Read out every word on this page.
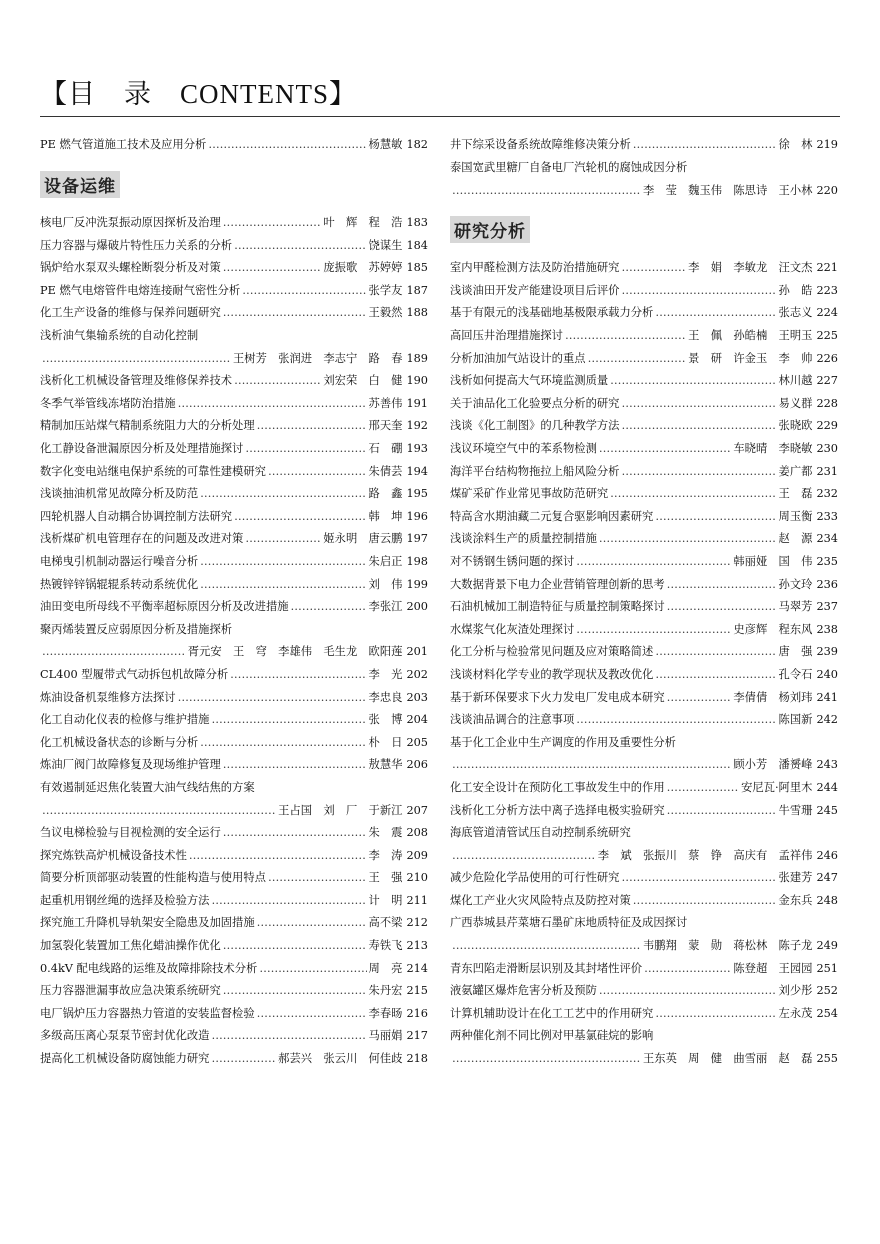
【目　录　CONTENTS】
PE 燃气管道施工技术及应用分析 ………………………………………………………………………………………………………………………………………………	杨慧敏 182
设备运维

核电厂反冲洗泵振动原因探析及治理 ………………………………………………………………………………………………………………………………………………	叶　辉　程　浩 183
压力容器与爆破片特性压力关系的分析 ………………………………………………………………………………………………………………………………………………	饶谋生 184
锅炉给水泵双头螺栓断裂分析及对策 ………………………………………………………………………………………………………………………………………………	庞振歌　苏婷婷 185
PE 燃气电熔管件电熔连接耐气密性分析 ………………………………………………………………………………………………………………………………………………	张学友 187
化工生产设备的维修与保养问题研究 ………………………………………………………………………………………………………………………………………………	王毅然 188
浅析油气集输系统的自动化控制
………………………………………………………………………………………………………………………………………………
王树芳　张润进　李志宁　路　春 189
浅析化工机械设备管理及维修保养技术 ………………………………………………………………………………………………………………………………………………	刘宏荣　白　健 190
冬季气举管线冻堵防治措施 ………………………………………………………………………………………………………………………………………………	苏善伟 191
精制加压站煤气精制系统阻力大的分析处理 ………………………………………………………………………………………………………………………………………………	邢天奎 192
化工静设备泄漏原因分析及处理措施探讨 ………………………………………………………………………………………………………………………………………………	石　硼 193
数字化变电站继电保护系统的可靠性建模研究 ………………………………………………………………………………………………………………………………………………	朱倩芸 194
浅谈抽油机常见故障分析及防范 ………………………………………………………………………………………………………………………………………………	路　鑫 195
四轮机器人自动耦合协调控制方法研究 ………………………………………………………………………………………………………………………………………………	韩　坤 196
浅析煤矿机电管理存在的问题及改进对策 ………………………………………………………………………………………………………………………………………………	姬永明　唐云鹏 197
电梯曳引机制动器运行噪音分析 ………………………………………………………………………………………………………………………………………………	朱启正 198
热镀锌锌锅辊辊系转动系统优化 ………………………………………………………………………………………………………………………………………………	刘　伟 199
油田变电所母线不平衡率超标原因分析及改进措施 ………………………………………………………………………………………………………………………………………………	李张江 200
聚丙烯装置反应弱原因分析及措施探析
………………………………………………………………………………………………………………………………………………
胥元安　王　穹　李雄伟　毛生龙　欧阳莲 201
CL400 型履带式气动拆包机故障分析 ………………………………………………………………………………………………………………………………………………	李　光 202
炼油设备机泵维修方法探讨 ………………………………………………………………………………………………………………………………………………	李忠良 203
化工自动化仪表的检修与维护措施 ………………………………………………………………………………………………………………………………………………	张　博 204
化工机械设备状态的诊断与分析 ………………………………………………………………………………………………………………………………………………	朴　日 205
炼油厂阀门故障修复及现场维护管理 ………………………………………………………………………………………………………………………………………………	敖慧华 206
有效遏制延迟焦化装置大油气线结焦的方案
………………………………………………………………………………………………………………………………………………
王占国　刘　厂　于新江 207
刍议电梯检验与目视检测的安全运行 ………………………………………………………………………………………………………………………………………………	朱　震 208
探究炼铁高炉机械设备技术性 ………………………………………………………………………………………………………………………………………………	李　涛 209
简要分析顶部驱动装置的性能构造与使用特点 ………………………………………………………………………………………………………………………………………………	王　强 210
起重机用钢丝绳的选择及检验方法 ………………………………………………………………………………………………………………………………………………	计　明 211
探究施工升降机导轨架安全隐患及加固措施 ………………………………………………………………………………………………………………………………………………	高不梁 212
加氢裂化装置加工焦化蜡油操作优化 ………………………………………………………………………………………………………………………………………………	寿铁飞 213
0.4kV 配电线路的运维及故障排除技术分析 ………………………………………………………………………………………………………………………………………………	周　亮 214
压力容器泄漏事故应急决策系统研究 ………………………………………………………………………………………………………………………………………………	朱丹宏 215
电厂锅炉压力容器热力管道的安装监督检验 ………………………………………………………………………………………………………………………………………………	李春旸 216
多级高压离心泵泵节密封优化改造 ………………………………………………………………………………………………………………………………………………	马丽娟 217
提高化工机械设备防腐蚀能力研究 ………………………………………………………………………………………………………………………………………………	郝芸兴　张云川　何佳歧 218
井下综采设备系统故障维修决策分析 ………………………………………………………………………………………………………………………………………………	徐　林 219
泰国宽武里糖厂自备电厂汽轮机的腐蚀成因分析
………………………………………………………………………………………………………………………………………………
李　莹　魏玉伟　陈思诗　王小林 220
研究分析

室内甲醛检测方法及防治措施研究 ………………………………………………………………………………………………………………………………………………	李　娟　李敏龙　汪文杰 221
浅谈油田开发产能建设项目后评价 ………………………………………………………………………………………………………………………………………………	孙　皓 223
基于有限元的浅基础地基极限承载力分析 ………………………………………………………………………………………………………………………………………………	张志义 224
高回压井治理措施探讨 ………………………………………………………………………………………………………………………………………………	王　佩　孙皓楠　王明玉 225
分析加油加气站设计的重点 ………………………………………………………………………………………………………………………………………………	景　研　许金玉　李　帅 226
浅析如何提高大气环境监测质量 ………………………………………………………………………………………………………………………………………………	林川越 227
关于油品化工化验要点分析的研究 ………………………………………………………………………………………………………………………………………………	易义群 228
浅谈《化工制图》的几种教学方法 ………………………………………………………………………………………………………………………………………………	张晓欧 229
浅议环境空气中的苯系物检测 ………………………………………………………………………………………………………………………………………………	车晓晴　李晓敏 230
海洋平台结构物拖拉上船风险分析 ………………………………………………………………………………………………………………………………………………	姜广都 231
煤矿采矿作业常见事故防范研究 ………………………………………………………………………………………………………………………………………………	王　磊 232
特高含水期油藏二元复合驱影响因素研究 ………………………………………………………………………………………………………………………………………………	周玉衡 233
浅谈涂料生产的质量控制措施 ………………………………………………………………………………………………………………………………………………	赵　源 234
对不锈钢生锈问题的探讨 ………………………………………………………………………………………………………………………………………………	韩丽娅　国　伟 235
大数据背景下电力企业营销管理创新的思考 ………………………………………………………………………………………………………………………………………………	孙文玲 236
石油机械加工制造特征与质量控制策略探讨 ………………………………………………………………………………………………………………………………………………	马翠芳 237
水煤浆气化灰渣处理探讨 ………………………………………………………………………………………………………………………………………………	史彦辉　程东风 238
化工分析与检验常见问题及应对策略简述 ………………………………………………………………………………………………………………………………………………	唐　强 239
浅谈材料化学专业的教学现状及教改优化 ………………………………………………………………………………………………………………………………………………	孔令石 240
基于新环保要求下火力发电厂发电成本研究 ………………………………………………………………………………………………………………………………………………	李倩倩　杨刘玮 241
浅谈油品调合的注意事项 ………………………………………………………………………………………………………………………………………………	陈国新 242
基于化工企业中生产调度的作用及重要性分析
………………………………………………………………………………………………………………………………………………
顾小芳　潘赟峰 243
化工安全设计在预防化工事故发生中的作用 ………………………………………………………………………………………………………………………………………………	安尼瓦·阿里木 244
浅析化工分析方法中离子选择电极实验研究 ………………………………………………………………………………………………………………………………………………	牛雪珊 245
海底管道清管试压自动控制系统研究
………………………………………………………………………………………………………………………………………………
李　斌　张振川　蔡　铮　高庆有　孟祥伟 246
减少危险化学品使用的可行性研究 ………………………………………………………………………………………………………………………………………………	张建芳 247
煤化工产业火灾风险特点及防控对策 ………………………………………………………………………………………………………………………………………………	金东兵 248
广西恭城县芹菜塘石墨矿床地质特征及成因探讨
………………………………………………………………………………………………………………………………………………
韦鹏翔　蒙　勋　蒋松林　陈子龙 249
青东凹陷走滑断层识别及其封堵性评价 ………………………………………………………………………………………………………………………………………………	陈登超　王园园 251
液氨罐区爆炸危害分析及预防 ………………………………………………………………………………………………………………………………………………	刘少彤 252
计算机辅助设计在化工工艺中的作用研究 ………………………………………………………………………………………………………………………………………………	左永茂 254
两种催化剂不同比例对甲基氯硅烷的影响
………………………………………………………………………………………………………………………………………………
王东英　周　健　曲雪丽　赵　磊 255
